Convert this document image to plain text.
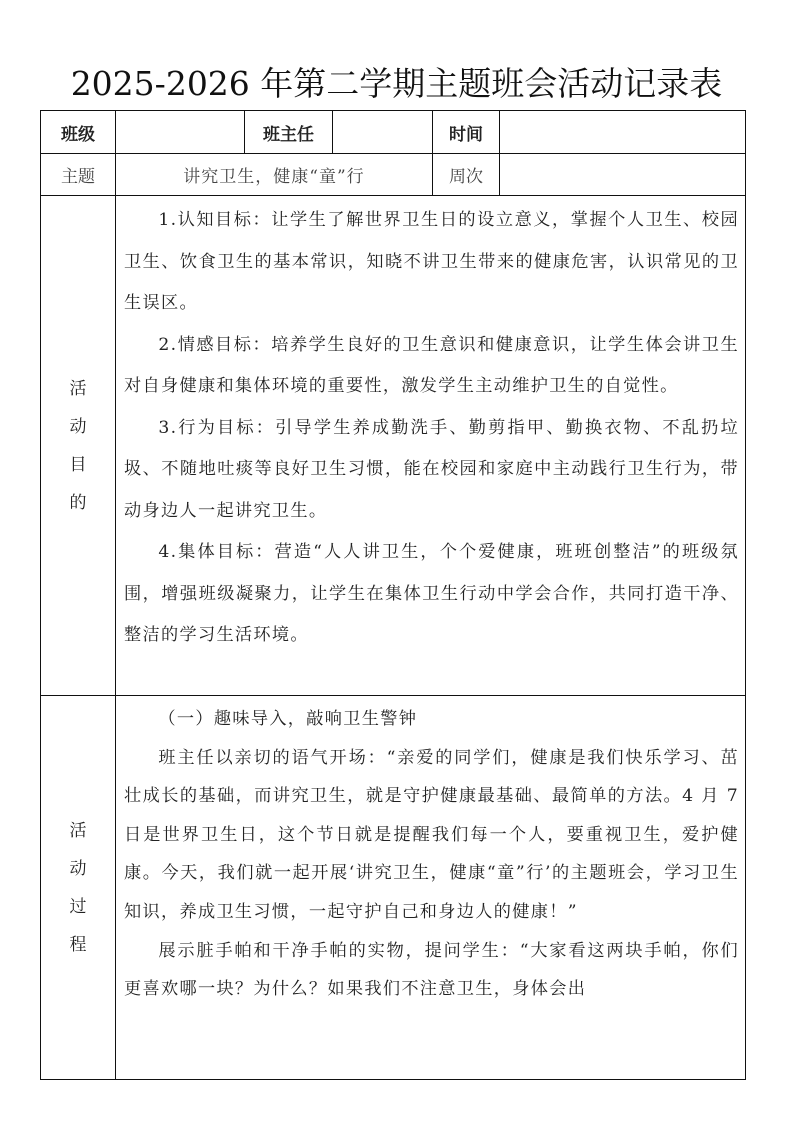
2025-2026 年第二学期主题班会活动记录表
班级		班主任		时间	
主题	讲究卫生，健康“童”行			周次	

活
动
目
的

1.认知目标：让学生了解世界卫生日的设立意义，掌握个人卫生、校园卫生、饮食卫生的基本常识，知晓不讲卫生带来的健康危害，认识常见的卫生误区。

2.情感目标：培养学生良好的卫生意识和健康意识，让学生体会讲卫生对自身健康和集体环境的重要性，激发学生主动维护卫生的自觉性。

3.行为目标：引导学生养成勤洗手、勤剪指甲、勤换衣物、不乱扔垃圾、不随地吐痰等良好卫生习惯，能在校园和家庭中主动践行卫生行为，带动身边人一起讲究卫生。

4.集体目标：营造“人人讲卫生，个个爱健康，班班创整洁”的班级氛围，增强班级凝聚力，让学生在集体卫生行动中学会合作，共同打造干净、整洁的学习生活环境。

活
动
过
程

（一）趣味导入，敲响卫生警钟

班主任以亲切的语气开场：“亲爱的同学们，健康是我们快乐学习、茁壮成长的基础，而讲究卫生，就是守护健康最基础、最简单的方法。4 月 7 日是世界卫生日，这个节日就是提醒我们每一个人，要重视卫生，爱护健康。今天，我们就一起开展‘讲究卫生，健康“童”行’的主题班会，学习卫生知识，养成卫生习惯，一起守护自己和身边人的健康！”

展示脏手帕和干净手帕的实物，提问学生：“大家看这两块手帕，你们更喜欢哪一块？为什么？如果我们不注意卫生，身体会出
